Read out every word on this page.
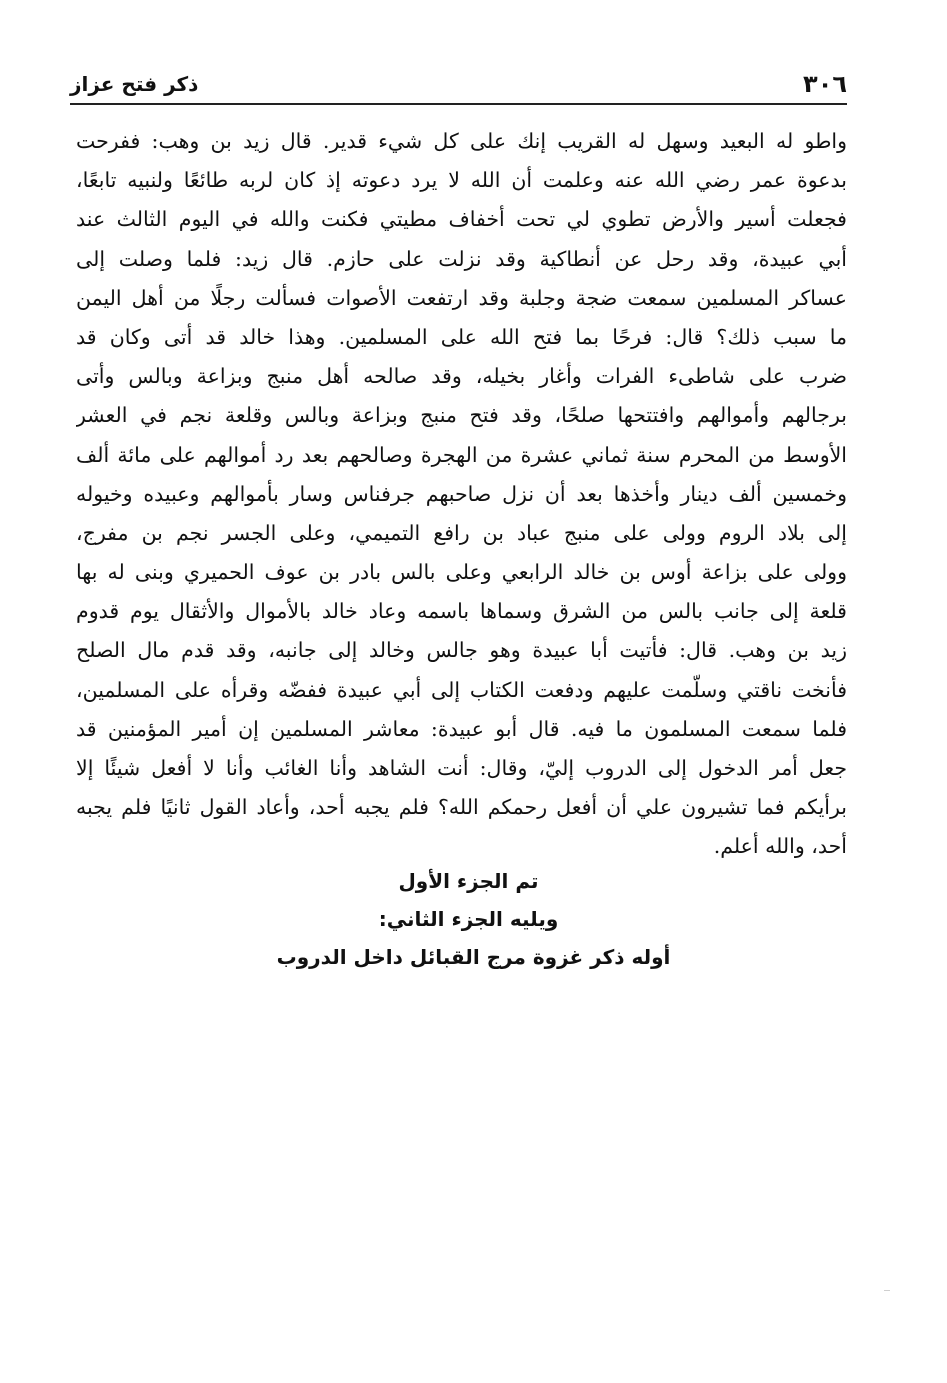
٣٠٦
ذكر فتح عزاز
واطو له البعيد وسهل له القريب إنك على كل شيء قدير. قال زيد بن وهب: ففرحت
بدعوة عمر رضي الله عنه وعلمت أن الله لا يرد دعوته إذ كان لربه طائعًا ولنبيه تابعًا،
فجعلت أسير والأرض تطوي لي تحت أخفاف مطيتي فكنت والله في اليوم الثالث عند
أبي عبيدة، وقد رحل عن أنطاكية وقد نزلت على حازم. قال زيد: فلما وصلت إلى
عساكر المسلمين سمعت ضجة وجلبة وقد ارتفعت الأصوات فسألت رجلًا من أهل اليمن
ما سبب ذلك؟ قال: فرحًا بما فتح الله على المسلمين. وهذا خالد قد أتى وكان قد
ضرب على شاطىء الفرات وأغار بخيله، وقد صالحه أهل منبج وبزاعة وبالس وأتى
برجالهم وأموالهم وافتتحها صلحًا، وقد فتح منبج وبزاعة وبالس وقلعة نجم في العشر
الأوسط من المحرم سنة ثماني عشرة من الهجرة وصالحهم بعد رد أموالهم على مائة ألف
وخمسين ألف دينار وأخذها بعد أن نزل صاحبهم جرفناس وسار بأموالهم وعبيده وخيوله
إلى بلاد الروم وولى على منبج عباد بن رافع التميمي، وعلى الجسر نجم بن مفرج،
وولى على بزاعة أوس بن خالد الرابعي وعلى بالس بادر بن عوف الحميري وبنى له بها
قلعة إلى جانب بالس من الشرق وسماها باسمه وعاد خالد بالأموال والأثقال يوم قدوم
زيد بن وهب. قال: فأتيت أبا عبيدة وهو جالس وخالد إلى جانبه، وقد قدم مال الصلح
فأنخت ناقتي وسلّمت عليهم ودفعت الكتاب إلى أبي عبيدة ففضّه وقرأه على المسلمين،
فلما سمعت المسلمون ما فيه. قال أبو عبيدة: معاشر المسلمين إن أمير المؤمنين قد
جعل أمر الدخول إلى الدروب إليّ، وقال: أنت الشاهد وأنا الغائب وأنا لا أفعل شيئًا إلا
برأيكم فما تشيرون علي أن أفعل رحمكم الله؟ فلم يجبه أحد، وأعاد القول ثانيًا فلم يجبه
أحد، والله أعلم.
تم الجزء الأول
ويليه الجزء الثاني:
أوله ذكر غزوة مرج القبائل داخل الدروب
